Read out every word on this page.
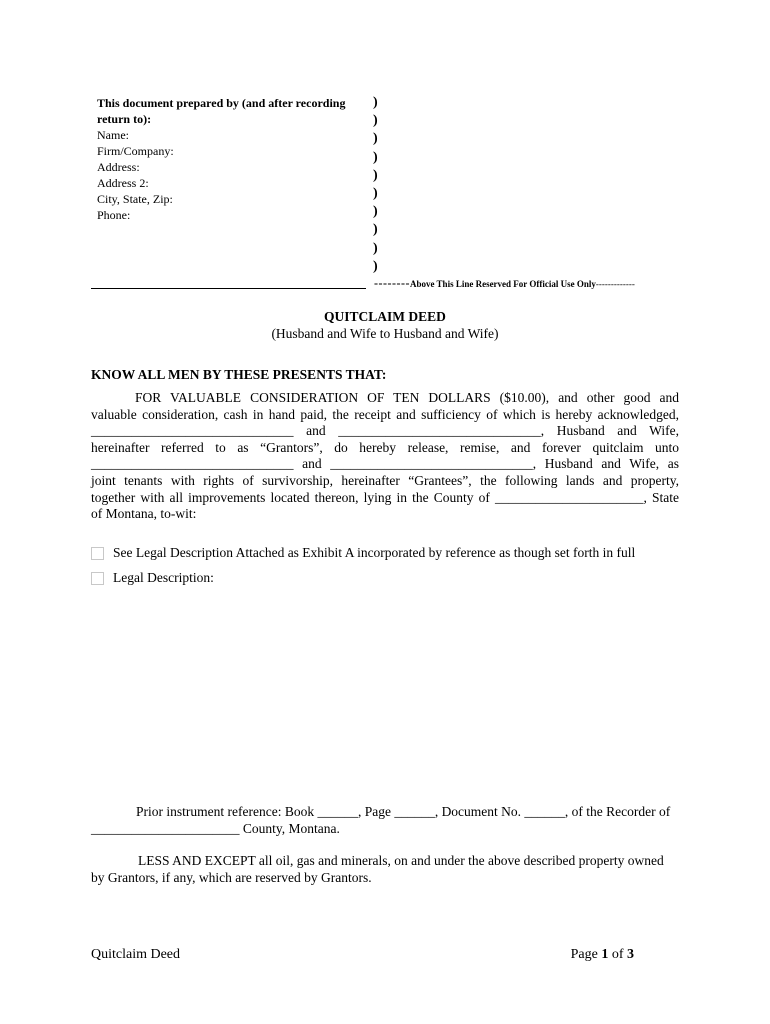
This document prepared by (and after recording return to):
Name:
Firm/Company:
Address:
Address 2:
City, State, Zip:
Phone:
)
)
)
)
)
)
)
)
)
)
--------Above This Line Reserved For Official Use Only-------------
QUITCLAIM DEED
(Husband and Wife to Husband and Wife)
KNOW ALL MEN BY THESE PRESENTS THAT:
FOR VALUABLE CONSIDERATION OF TEN DOLLARS ($10.00), and other good and
valuable consideration, cash in hand paid, the receipt and sufficiency of which is hereby acknowledged,
______________________________ and ______________________________, Husband and Wife,
hereinafter referred to as “Grantors”, do hereby release, remise, and forever quitclaim unto
______________________________ and ______________________________, Husband and Wife, as
joint tenants with rights of survivorship, hereinafter “Grantees”, the following lands and property,
together with all improvements located thereon, lying in the County of ______________________, State
of Montana, to-wit:
See Legal Description Attached as Exhibit A incorporated by reference as though set forth in full
Legal Description:
Prior instrument reference: Book ______, Page ______, Document No. ______, of the Recorder of
______________________ County, Montana.
LESS AND EXCEPT all oil, gas and minerals, on and under the above described property owned
by Grantors, if any, which are reserved by Grantors.
Quitclaim Deed	Page 1 of 3
